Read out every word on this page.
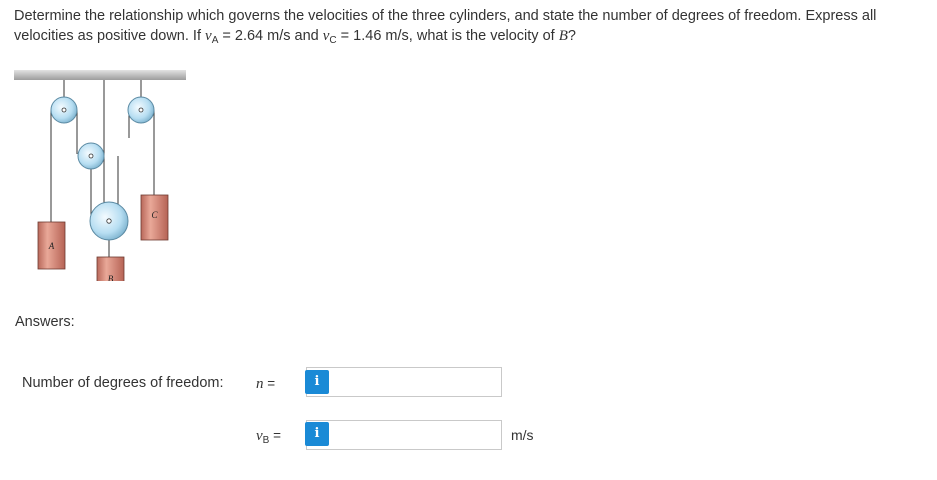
Determine the relationship which governs the velocities of the three cylinders, and state the number of degrees of freedom. Express all velocities as positive down. If $v_A = 2.64$ m/s and $v_C = 1.46$ m/s, what is the velocity of B?
A
B
C
Answers:
Number of degrees of freedom: n =	i
$v_B$ =	i	m/s
